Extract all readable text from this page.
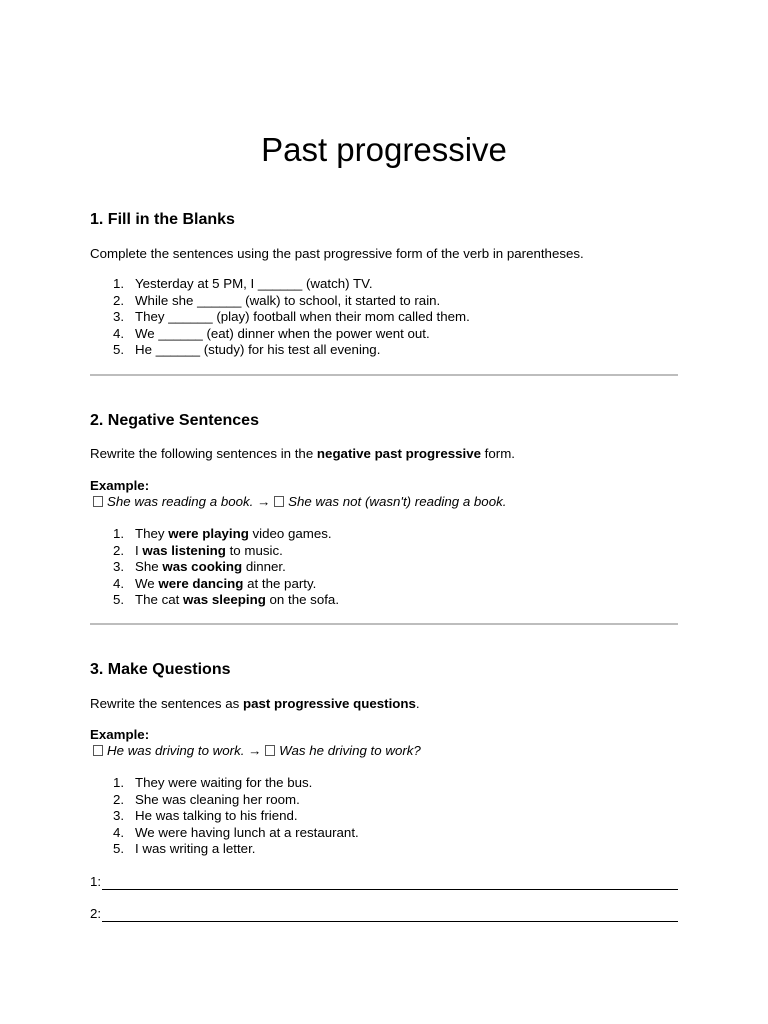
Past progressive
1. Fill in the Blanks
Complete the sentences using the past progressive form of the verb in parentheses.
1. Yesterday at 5 PM, I ______ (watch) TV.
2. While she ______ (walk) to school, it started to rain.
3. They ______ (play) football when their mom called them.
4. We ______ (eat) dinner when the power went out.
5. He ______ (study) for his test all evening.
2. Negative Sentences
Rewrite the following sentences in the negative past progressive form.
Example:
She was reading a book. → She was not (wasn't) reading a book.
1. They were playing video games.
2. I was listening to music.
3. She was cooking dinner.
4. We were dancing at the party.
5. The cat was sleeping on the sofa.
3. Make Questions
Rewrite the sentences as past progressive questions.
Example:
He was driving to work. → Was he driving to work?
1. They were waiting for the bus.
2. She was cleaning her room.
3. He was talking to his friend.
4. We were having lunch at a restaurant.
5. I was writing a letter.
1:
2:
